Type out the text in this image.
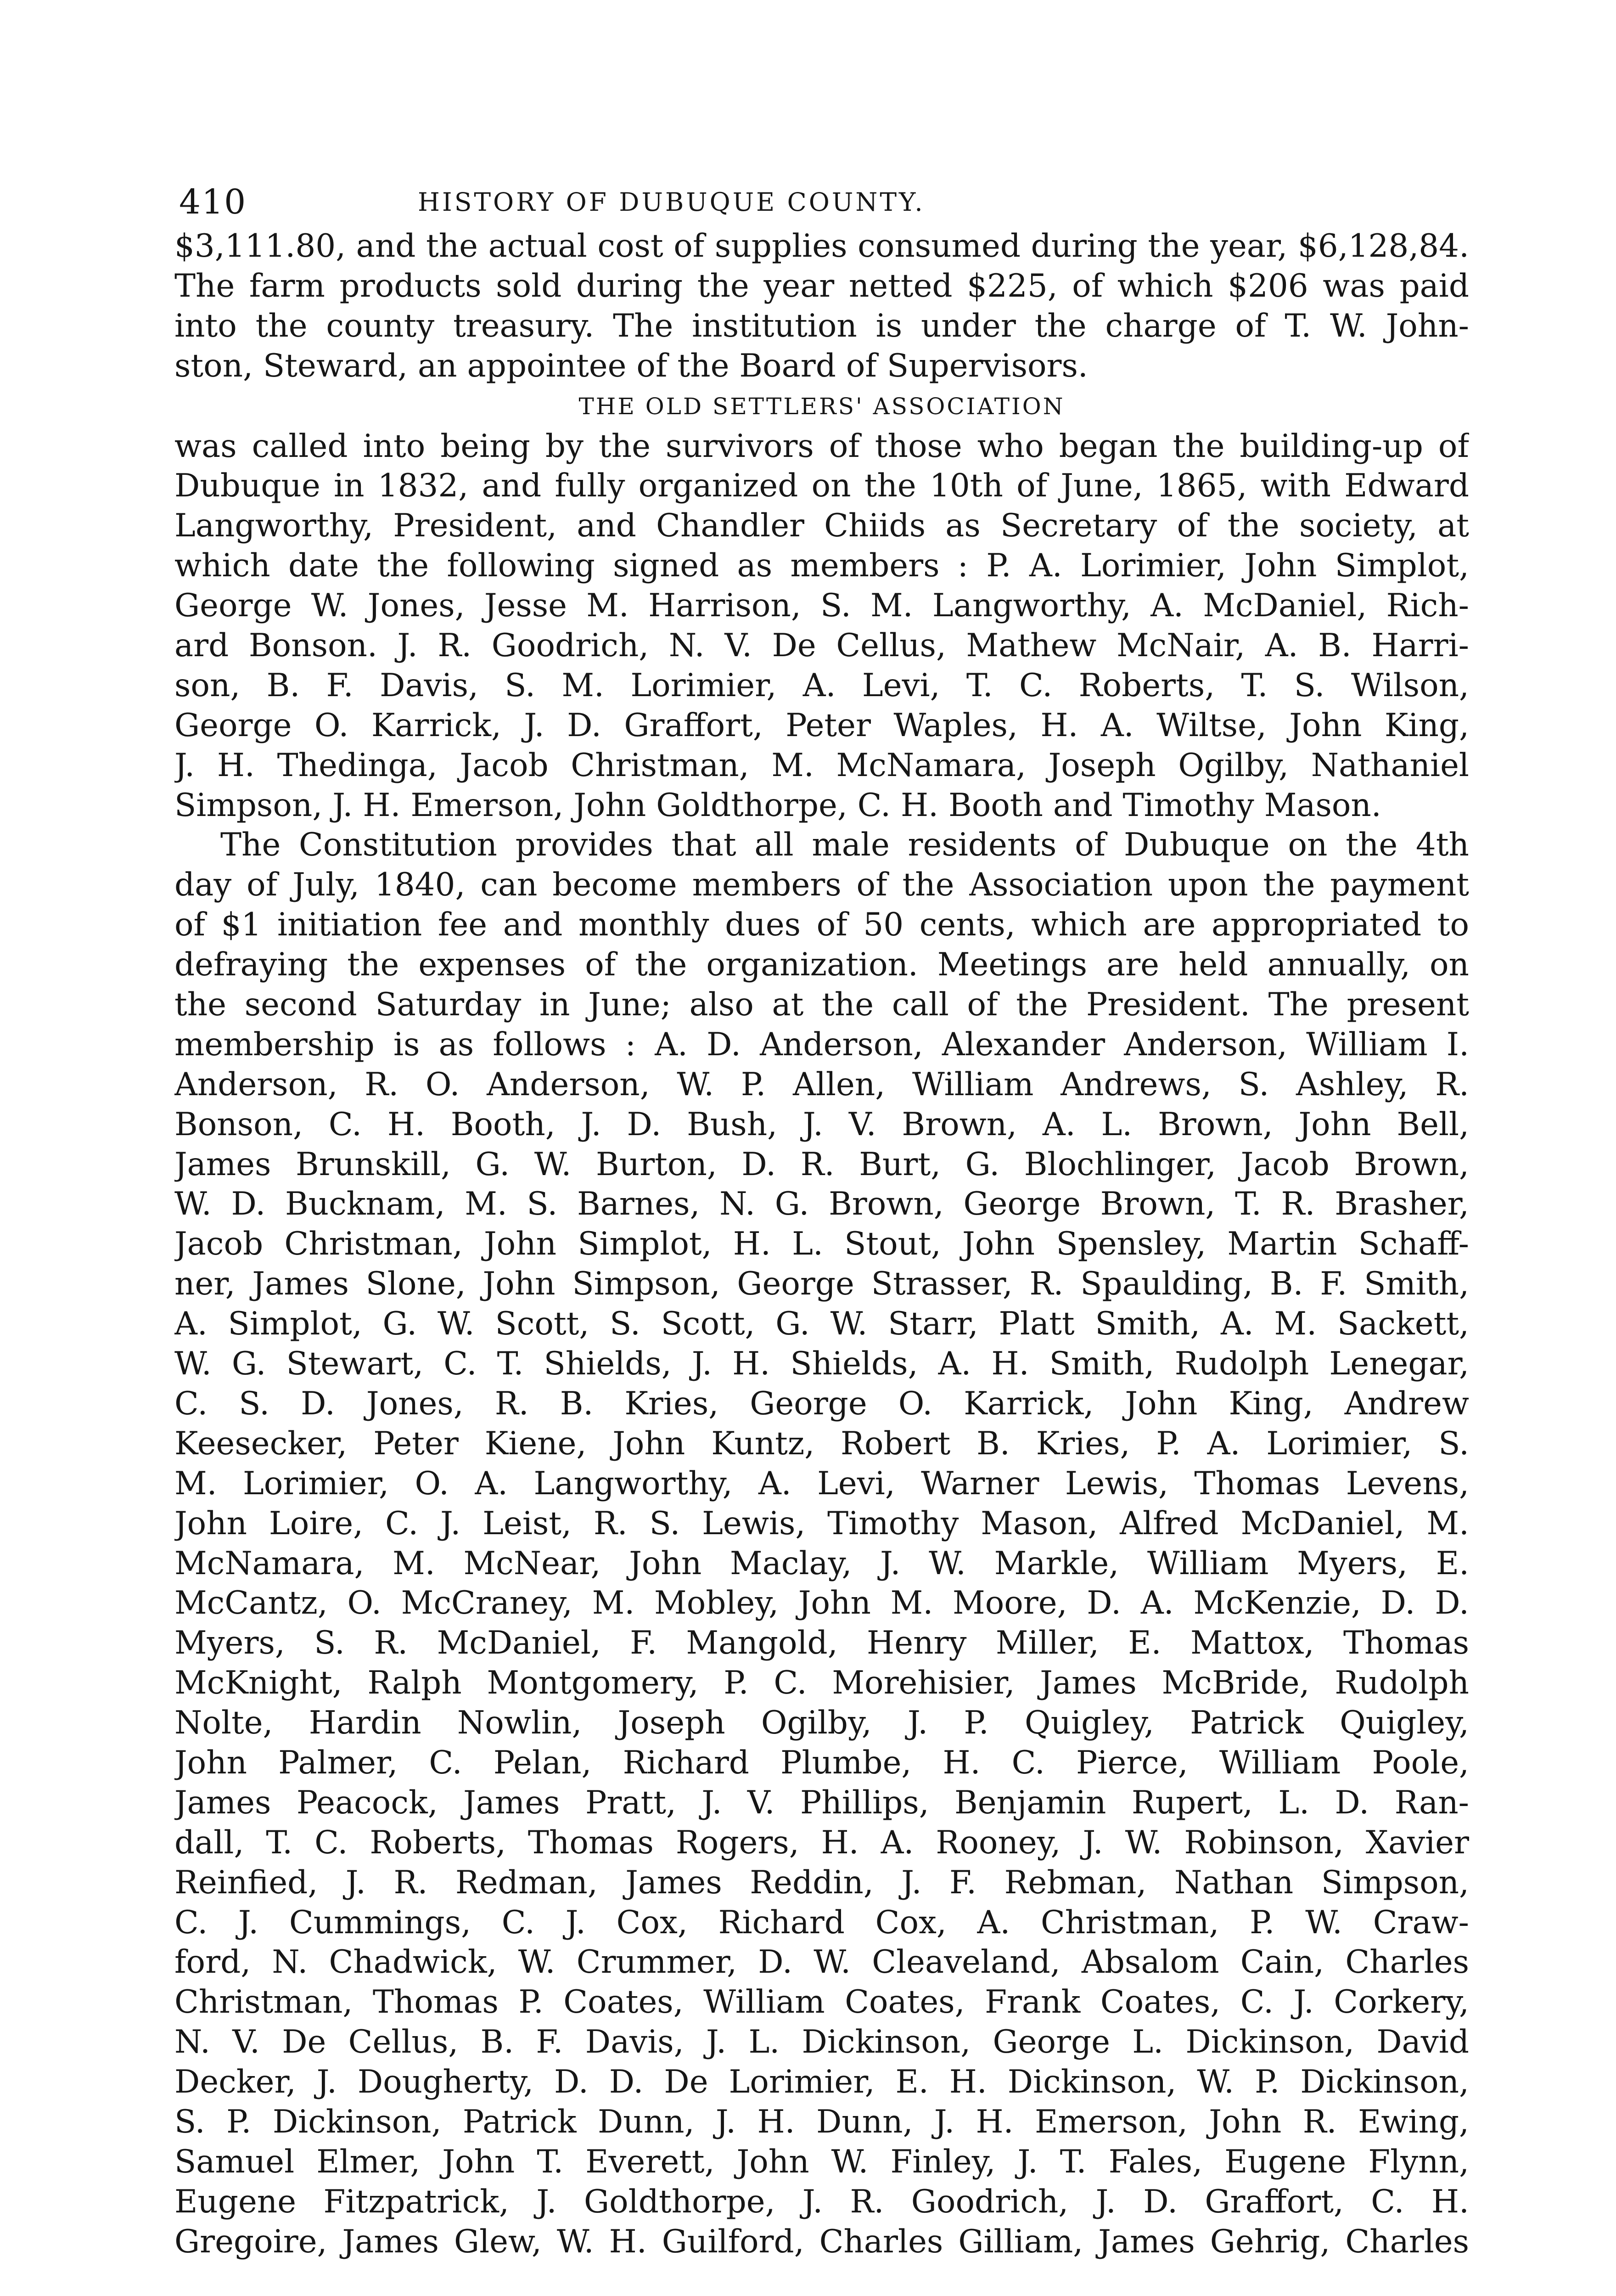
410	HISTORY OF DUBUQUE COUNTY.
$3,111.80, and the actual cost of supplies consumed during the year, $6,128,84.
The farm products sold during the year netted $225, of which $206 was paid
into the county treasury. The institution is under the charge of T. W. John-
ston, Steward, an appointee of the Board of Supervisors.
THE OLD SETTLERS' ASSOCIATION
was called into being by the survivors of those who began the building-up of
Dubuque in 1832, and fully organized on the 10th of June, 1865, with Edward
Langworthy, President, and Chandler Chiids as Secretary of the society, at
which date the following signed as members : P. A. Lorimier, John Simplot,
George W. Jones, Jesse M. Harrison, S. M. Langworthy, A. McDaniel, Rich-
ard Bonson. J. R. Goodrich, N. V. De Cellus, Mathew McNair, A. B. Harri-
son, B. F. Davis, S. M. Lorimier, A. Levi, T. C. Roberts, T. S. Wilson,
George O. Karrick, J. D. Graffort, Peter Waples, H. A. Wiltse, John King,
J. H. Thedinga, Jacob Christman, M. McNamara, Joseph Ogilby, Nathaniel
Simpson, J. H. Emerson, John Goldthorpe, C. H. Booth and Timothy Mason.
The Constitution provides that all male residents of Dubuque on the 4th
day of July, 1840, can become members of the Association upon the payment
of $1 initiation fee and monthly dues of 50 cents, which are appropriated to
defraying the expenses of the organization. Meetings are held annually, on
the second Saturday in June; also at the call of the President. The present
membership is as follows : A. D. Anderson, Alexander Anderson, William I.
Anderson, R. O. Anderson, W. P. Allen, William Andrews, S. Ashley, R.
Bonson, C. H. Booth, J. D. Bush, J. V. Brown, A. L. Brown, John Bell,
James Brunskill, G. W. Burton, D. R. Burt, G. Blochlinger, Jacob Brown,
W. D. Bucknam, M. S. Barnes, N. G. Brown, George Brown, T. R. Brasher,
Jacob Christman, John Simplot, H. L. Stout, John Spensley, Martin Schaff-
ner, James Slone, John Simpson, George Strasser, R. Spaulding, B. F. Smith,
A. Simplot, G. W. Scott, S. Scott, G. W. Starr, Platt Smith, A. M. Sackett,
W. G. Stewart, C. T. Shields, J. H. Shields, A. H. Smith, Rudolph Lenegar,
C. S. D. Jones, R. B. Kries, George O. Karrick, John King, Andrew
Keesecker, Peter Kiene, John Kuntz, Robert B. Kries, P. A. Lorimier, S.
M. Lorimier, O. A. Langworthy, A. Levi, Warner Lewis, Thomas Levens,
John Loire, C. J. Leist, R. S. Lewis, Timothy Mason, Alfred McDaniel, M.
McNamara, M. McNear, John Maclay, J. W. Markle, William Myers, E.
McCantz, O. McCraney, M. Mobley, John M. Moore, D. A. McKenzie, D. D.
Myers, S. R. McDaniel, F. Mangold, Henry Miller, E. Mattox, Thomas
McKnight, Ralph Montgomery, P. C. Morehisier, James McBride, Rudolph
Nolte, Hardin Nowlin, Joseph Ogilby, J. P. Quigley, Patrick Quigley,
John Palmer, C. Pelan, Richard Plumbe, H. C. Pierce, William Poole,
James Peacock, James Pratt, J. V. Phillips, Benjamin Rupert, L. D. Ran-
dall, T. C. Roberts, Thomas Rogers, H. A. Rooney, J. W. Robinson, Xavier
Reinfied, J. R. Redman, James Reddin, J. F. Rebman, Nathan Simpson,
C. J. Cummings, C. J. Cox, Richard Cox, A. Christman, P. W. Craw-
ford, N. Chadwick, W. Crummer, D. W. Cleaveland, Absalom Cain, Charles
Christman, Thomas P. Coates, William Coates, Frank Coates, C. J. Corkery,
N. V. De Cellus, B. F. Davis, J. L. Dickinson, George L. Dickinson, David
Decker, J. Dougherty, D. D. De Lorimier, E. H. Dickinson, W. P. Dickinson,
S. P. Dickinson, Patrick Dunn, J. H. Dunn, J. H. Emerson, John R. Ewing,
Samuel Elmer, John T. Everett, John W. Finley, J. T. Fales, Eugene Flynn,
Eugene Fitzpatrick, J. Goldthorpe, J. R. Goodrich, J. D. Graffort, C. H.
Gregoire, James Glew, W. H. Guilford, Charles Gilliam, James Gehrig, Charles
